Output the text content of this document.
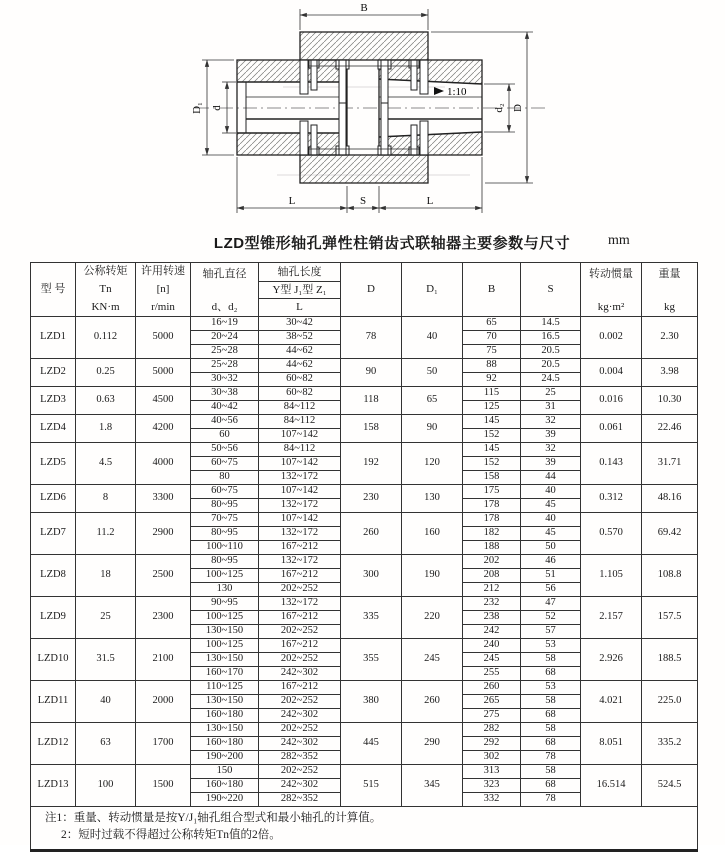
1:10
B
D
d₂
D₁ d
L	S	L
LZD型锥形轴孔弹性柱销齿式联轴器主要参数与尺寸	mm
型 号	公称转矩
Tn
KN·m	许用转速
[n]
r/min	轴孔直径
d、d₂	轴孔长度	D	D₁	B	S	转动惯量
kg·m²	重量
kg

				Y型 J₁型 Z₁						
				L						
LZD1	0.112	5000	16~19	30~42	78	40	65	14.5	0.002	2.30
			20~24	38~52			70	16.5		
			25~28	44~62			75	20.5		
LZD2	0.25	5000	25~28	44~62	90	50	88	20.5	0.004	3.98
			30~32	60~82			92	24.5		
LZD3	0.63	4500	30~38	60~82	118	65	115	25	0.016	10.30
			40~42	84~112			125	31		
LZD4	1.8	4200	40~56	84~112	158	90	145	32	0.061	22.46
			60	107~142			152	39		
LZD5	4.5	4000	50~56	84~112	192	120	145	32	0.143	31.71
			60~75	107~142			152	39		
			80	132~172			158	44		
LZD6	8	3300	60~75	107~142	230	130	175	40	0.312	48.16
			80~95	132~172			178	45		
LZD7	11.2	2900	70~75	107~142	260	160	178	40	0.570	69.42
			80~95	132~172			182	45		
			100~110	167~212			188	50		
LZD8	18	2500	80~95	132~172	300	190	202	46	1.105	108.8
			100~125	167~212			208	51		
			130	202~252			212	56		
LZD9	25	2300	90~95	132~172	335	220	232	47	2.157	157.5
			100~125	167~212			238	52		
			130~150	202~252			242	57		
LZD10	31.5	2100	100~125	167~212	355	245	240	53	2.926	188.5
			130~150	202~252			245	58		
			160~170	242~302			255	68		
LZD11	40	2000	110~125	167~212	380	260	260	53	4.021	225.0
			130~150	202~252			265	58		
			160~180	242~302			275	68		
LZD12	63	1700	130~150	202~252	445	290	282	58	8.051	335.2
			160~180	242~302			292	68		
			190~200	282~352			302	78		
LZD13	100	1500	150	202~252	515	345	313	58	16.514	524.5
			160~180	242~302			323	68		
			190~220	282~352			332	78		

注1：重量、转动惯量是按Y/J₁轴孔组合型式和最小轴孔的计算值。
2：短时过载不得超过公称转矩Tn值的2倍。										
